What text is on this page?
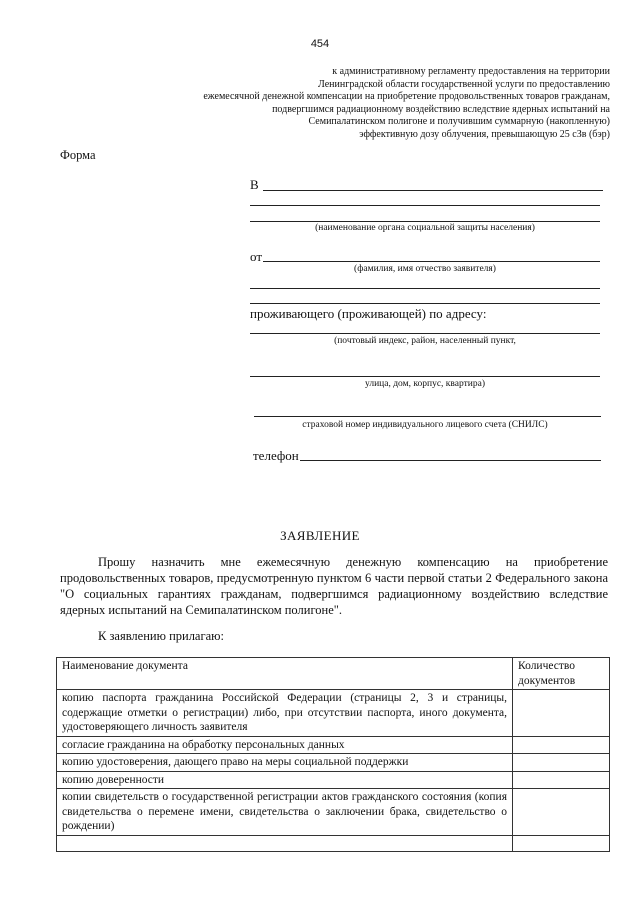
454
к административному регламенту предоставления на территории
Ленинградской области государственной услуги по предоставлению
ежемесячной денежной компенсации на приобретение продовольственных товаров гражданам,
подвергшимся радиационному воздействию вследствие ядерных испытаний на
Семипалатинском полигоне и получившим суммарную (накопленную)
эффективную дозу облучения, превышающую 25 сЗв (бэр)
Форма
В
(наименование органа социальной защиты населения)
от
(фамилия, имя отчество заявителя)
проживающего (проживающей) по адресу:
(почтовый индекс, район, населенный пункт,
улица, дом, корпус, квартира)
страховой номер индивидуального лицевого счета (СНИЛС)
телефон
ЗАЯВЛЕНИЕ
Прошу назначить мне ежемесячную денежную компенсацию на приобретение продовольственных товаров, предусмотренную пунктом 6 части первой статьи 2 Федерального закона "О социальных гарантиях гражданам, подвергшимся радиационному воздействию вследствие ядерных испытаний на Семипалатинском полигоне".
К заявлению прилагаю:
Наименование документа	Количество документов
копию паспорта гражданина Российской Федерации (страницы 2, 3 и страницы, содержащие отметки о регистрации) либо, при отсутствии паспорта, иного документа, удостоверяющего личность заявителя	
согласие гражданина на обработку персональных данных	
копию удостоверения, дающего право на меры социальной поддержки	
копию доверенности	
копии свидетельств о государственной регистрации актов гражданского состояния (копия свидетельства о перемене имени, свидетельства о заключении брака, свидетельство о рождении)	
